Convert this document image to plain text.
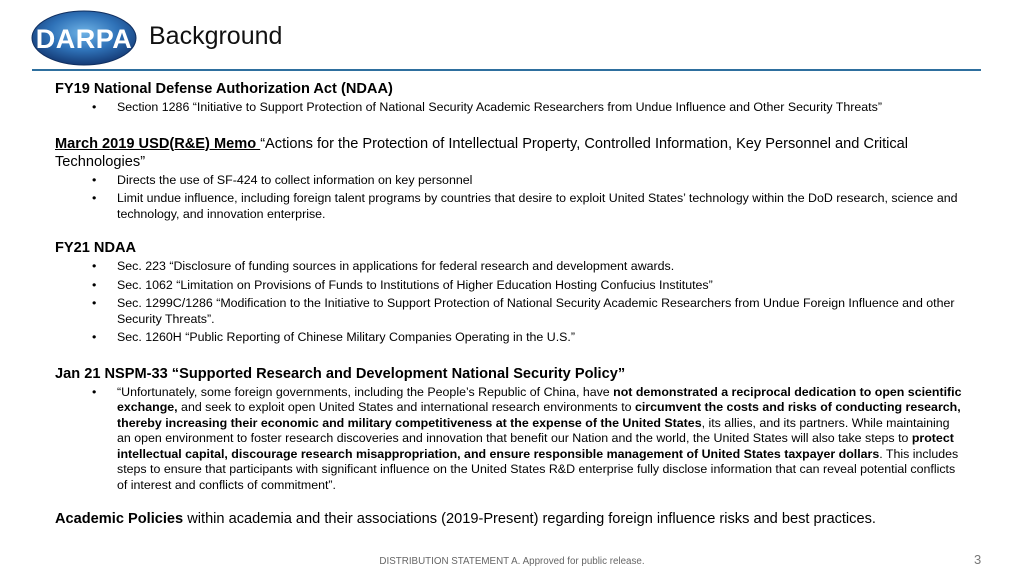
DARPA Background
FY19 National Defense Authorization Act (NDAA)
• Section 1286 “Initiative to Support Protection of National Security Academic Researchers from Undue Influence and Other Security Threats”
March 2019 USD(R&E) Memo “Actions for the Protection of Intellectual Property, Controlled Information, Key Personnel and Critical Technologies”
• Directs the use of SF-424 to collect information on key personnel
• Limit undue influence, including foreign talent programs by countries that desire to exploit United States’ technology within the DoD research, science and technology, and innovation enterprise.
FY21 NDAA
• Sec. 223 “Disclosure of funding sources in applications for federal research and development awards.
• Sec. 1062 “Limitation on Provisions of Funds to Institutions of Higher Education Hosting Confucius Institutes”
• Sec. 1299C/1286 “Modification to the Initiative to Support Protection of National Security Academic Researchers from Undue Foreign Influence and other Security Threats”.
• Sec. 1260H “Public Reporting of Chinese Military Companies Operating in the U.S.”
Jan 21 NSPM-33 “Supported Research and Development National Security Policy”
• “Unfortunately, some foreign governments, including the People’s Republic of China, have not demonstrated a reciprocal dedication to open scientific exchange, and seek to exploit open United States and international research environments to circumvent the costs and risks of conducting research, thereby increasing their economic and military competitiveness at the expense of the United States, its allies, and its partners. While maintaining an open environment to foster research discoveries and innovation that benefit our Nation and the world, the United States will also take steps to protect intellectual capital, discourage research misappropriation, and ensure responsible management of United States taxpayer dollars. This includes steps to ensure that participants with significant influence on the United States R&D enterprise fully disclose information that can reveal potential conflicts of interest and conflicts of commitment”.
Academic Policies within academia and their associations (2019-Present) regarding foreign influence risks and best practices.
DISTRIBUTION STATEMENT A. Approved for public release.	3
